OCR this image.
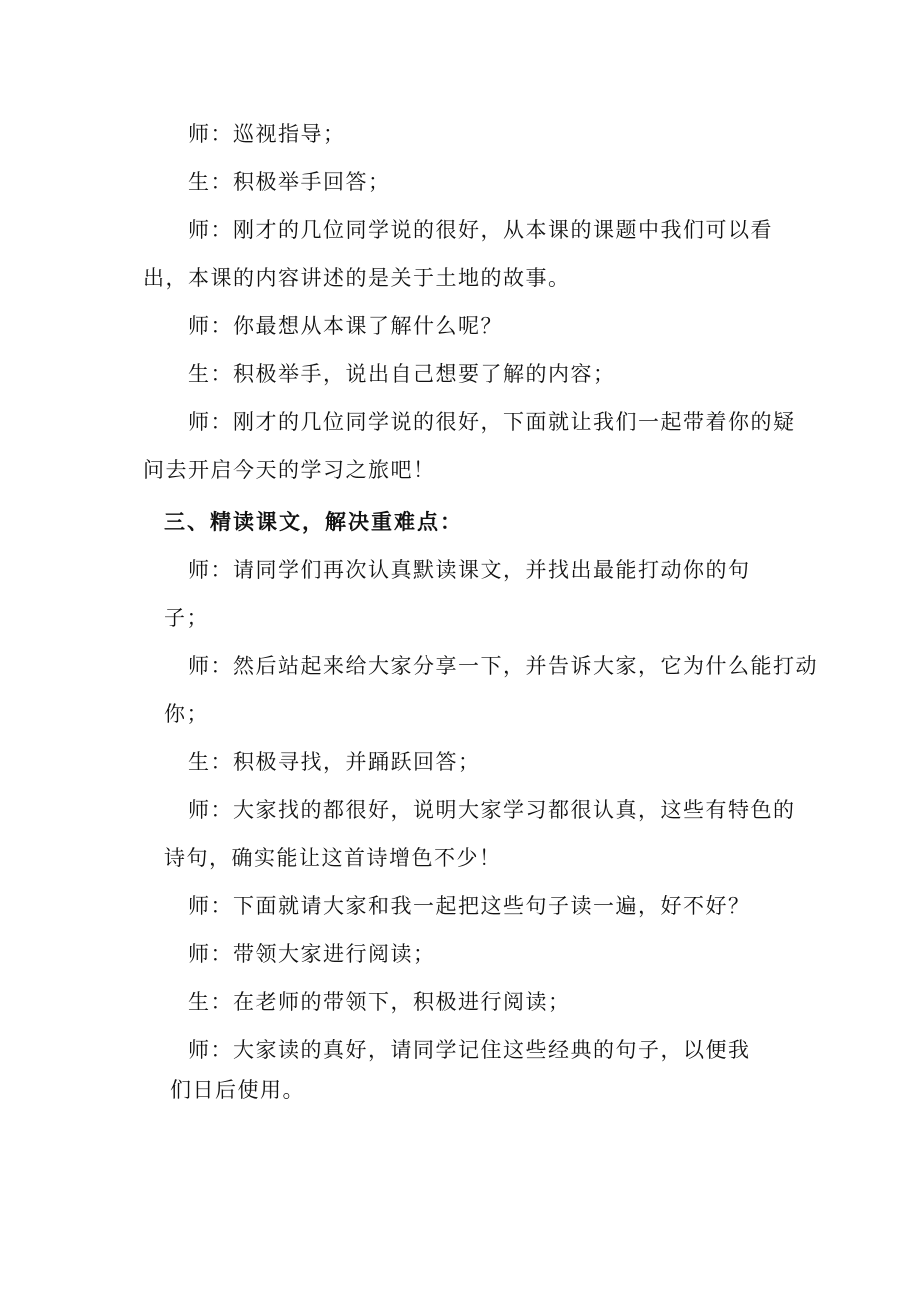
师：巡视指导；
生：积极举手回答；
师：刚才的几位同学说的很好，从本课的课题中我们可以看
出，本课的内容讲述的是关于土地的故事。
师：你最想从本课了解什么呢？
生：积极举手，说出自己想要了解的内容；
师：刚才的几位同学说的很好，下面就让我们一起带着你的疑
问去开启今天的学习之旅吧！
三、精读课文，解决重难点：
师：请同学们再次认真默读课文，并找出最能打动你的句
子；
师：然后站起来给大家分享一下，并告诉大家，它为什么能打动
你；
生：积极寻找，并踊跃回答；
师：大家找的都很好，说明大家学习都很认真，这些有特色的
诗句，确实能让这首诗增色不少！
师：下面就请大家和我一起把这些句子读一遍，好不好？
师：带领大家进行阅读；
生：在老师的带领下，积极进行阅读；
师：大家读的真好，请同学记住这些经典的句子，以便我
们日后使用。
